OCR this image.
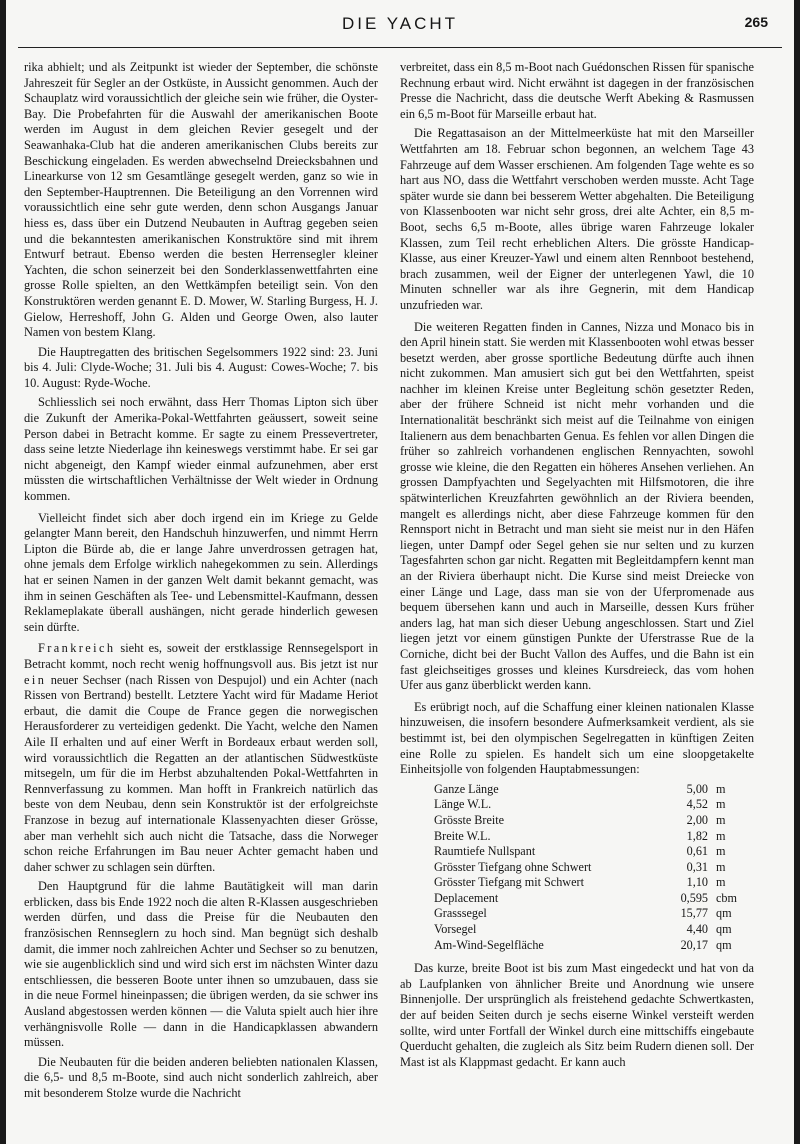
DIE YACHT	265

rika abhielt; und als Zeitpunkt ist wieder der September, die schönste Jahreszeit für Segler an der Ostküste, in Aussicht genommen. Auch der Schauplatz wird voraussichtlich der gleiche sein wie früher, die Oyster-Bay. Die Probefahrten für die Auswahl der amerikanischen Boote werden im August in dem gleichen Revier gesegelt und der Seawanhaka-Club hat die anderen amerikanischen Clubs bereits zur Beschickung eingeladen. Es werden abwechselnd Dreiecksbahnen und Linearkurse von 12 sm Gesamtlänge gesegelt werden, ganz so wie in den September-Hauptrennen. Die Beteiligung an den Vorrennen wird voraussichtlich eine sehr gute werden, denn schon Ausgangs Januar hiess es, dass über ein Dutzend Neubauten in Auftrag gegeben seien und die bekanntesten amerikanischen Konstruktöre sind mit ihrem Entwurf betraut. Ebenso werden die besten Herrensegler kleiner Yachten, die schon seinerzeit bei den Sonderklassenwettfahrten eine grosse Rolle spielten, an den Wettkämpfen beteiligt sein. Von den Konstruktören werden genannt E. D. Mower, W. Starling Burgess, H. J. Gielow, Herreshoff, John G. Alden und George Owen, also lauter Namen von bestem Klang.

Die Hauptregatten des britischen Segelsommers 1922 sind: 23. Juni bis 4. Juli: Clyde-Woche; 31. Juli bis 4. August: Cowes-Woche; 7. bis 10. August: Ryde-Woche.

Schliesslich sei noch erwähnt, dass Herr Thomas Lipton sich über die Zukunft der Amerika-Pokal-Wettfahrten geäussert, soweit seine Person dabei in Betracht komme. Er sagte zu einem Pressevertreter, dass seine letzte Niederlage ihn keineswegs verstimmt habe. Er sei gar nicht abgeneigt, den Kampf wieder einmal aufzunehmen, aber erst müssten die wirtschaftlichen Verhältnisse der Welt wieder in Ordnung kommen.

Vielleicht findet sich aber doch irgend ein im Kriege zu Gelde gelangter Mann bereit, den Handschuh hinzuwerfen, und nimmt Herrn Lipton die Bürde ab, die er lange Jahre unverdrossen getragen hat, ohne jemals dem Erfolge wirklich nahegekommen zu sein. Allerdings hat er seinen Namen in der ganzen Welt damit bekannt gemacht, was ihm in seinen Geschäften als Tee- und Lebensmittel-Kaufmann, dessen Reklameplakate überall aushängen, nicht gerade hinderlich gewesen sein dürfte.

Frankreich sieht es, soweit der erstklassige Rennsegelsport in Betracht kommt, noch recht wenig hoffnungsvoll aus. Bis jetzt ist nur ein neuer Sechser (nach Rissen von Despujol) und ein Achter (nach Rissen von Bertrand) bestellt. Letztere Yacht wird für Madame Heriot erbaut, die damit die Coupe de France gegen die norwegischen Herausforderer zu verteidigen gedenkt. Die Yacht, welche den Namen Aile II erhalten und auf einer Werft in Bordeaux erbaut werden soll, wird voraussichtlich die Regatten an der atlantischen Südwestküste mitsegeln, um für die im Herbst abzuhaltenden Pokal-Wettfahrten in Rennverfassung zu kommen. Man hofft in Frankreich natürlich das beste von dem Neubau, denn sein Konstruktör ist der erfolgreichste Franzose in bezug auf internationale Klassenyachten dieser Grösse, aber man verhehlt sich auch nicht die Tatsache, dass die Norweger schon reiche Erfahrungen im Bau neuer Achter gemacht haben und daher schwer zu schlagen sein dürften.

Den Hauptgrund für die lahme Bautätigkeit will man darin erblicken, dass bis Ende 1922 noch die alten R-Klassen ausgeschrieben werden dürfen, und dass die Preise für die Neubauten den französischen Rennseglern zu hoch sind. Man begnügt sich deshalb damit, die immer noch zahlreichen Achter und Sechser so zu benutzen, wie sie augenblicklich sind und wird sich erst im nächsten Winter dazu entschliessen, die besseren Boote unter ihnen so umzubauen, dass sie in die neue Formel hineinpassen; die übrigen werden, da sie schwer ins Ausland abgestossen werden können — die Valuta spielt auch hier ihre verhängnisvolle Rolle — dann in die Handicapklassen abwandern müssen.

Die Neubauten für die beiden anderen beliebten nationalen Klassen, die 6,5- und 8,5 m-Boote, sind auch nicht sonderlich zahlreich, aber mit besonderem Stolze wurde die Nachricht

verbreitet, dass ein 8,5 m-Boot nach Guédonschen Rissen für spanische Rechnung erbaut wird. Nicht erwähnt ist dagegen in der französischen Presse die Nachricht, dass die deutsche Werft Abeking & Rasmussen ein 6,5 m-Boot für Marseille erbaut hat.

Die Regattasaison an der Mittelmeerküste hat mit den Marseiller Wettfahrten am 18. Februar schon begonnen, an welchem Tage 43 Fahrzeuge auf dem Wasser erschienen. Am folgenden Tage wehte es so hart aus NO, dass die Wettfahrt verschoben werden musste. Acht Tage später wurde sie dann bei besserem Wetter abgehalten. Die Beteiligung von Klassenbooten war nicht sehr gross, drei alte Achter, ein 8,5 m-Boot, sechs 6,5 m-Boote, alles übrige waren Fahrzeuge lokaler Klassen, zum Teil recht erheblichen Alters. Die grösste Handicap-Klasse, aus einer Kreuzer-Yawl und einem alten Rennboot bestehend, brach zusammen, weil der Eigner der unterlegenen Yawl, die 10 Minuten schneller war als ihre Gegnerin, mit dem Handicap unzufrieden war.

Die weiteren Regatten finden in Cannes, Nizza und Monaco bis in den April hinein statt. Sie werden mit Klassenbooten wohl etwas besser besetzt werden, aber grosse sportliche Bedeutung dürfte auch ihnen nicht zukommen. Man amusiert sich gut bei den Wettfahrten, speist nachher im kleinen Kreise unter Begleitung schön gesetzter Reden, aber der frühere Schneid ist nicht mehr vorhanden und die Internationalität beschränkt sich meist auf die Teilnahme von einigen Italienern aus dem benachbarten Genua. Es fehlen vor allen Dingen die früher so zahlreich vorhandenen englischen Rennyachten, sowohl grosse wie kleine, die den Regatten ein höheres Ansehen verliehen. An grossen Dampfyachten und Segelyachten mit Hilfsmotoren, die ihre spätwinterlichen Kreuzfahrten gewöhnlich an der Riviera beenden, mangelt es allerdings nicht, aber diese Fahrzeuge kommen für den Rennsport nicht in Betracht und man sieht sie meist nur in den Häfen liegen, unter Dampf oder Segel gehen sie nur selten und zu kurzen Tagesfahrten schon gar nicht. Regatten mit Begleitdampfern kennt man an der Riviera überhaupt nicht. Die Kurse sind meist Dreiecke von einer Länge und Lage, dass man sie von der Uferpromenade aus bequem übersehen kann und auch in Marseille, dessen Kurs früher anders lag, hat man sich dieser Uebung angeschlossen. Start und Ziel liegen jetzt vor einem günstigen Punkte der Uferstrasse Rue de la Corniche, dicht bei der Bucht Vallon des Auffes, und die Bahn ist ein fast gleichseitiges grosses und kleines Kursdreieck, das vom hohen Ufer aus ganz überblickt werden kann.

Es erübrigt noch, auf die Schaffung einer kleinen nationalen Klasse hinzuweisen, die insofern besondere Aufmerksamkeit verdient, als sie bestimmt ist, bei den olympischen Segelregatten in künftigen Zeiten eine Rolle zu spielen. Es handelt sich um eine sloopgetakelte Einheitsjolle von folgenden Hauptabmessungen:

Ganze Länge	5,00	m
Länge W.L.	4,52	m
Grösste Breite	2,00	m
Breite W.L.	1,82	m
Raumtiefe Nullspant	0,61	m
Grösster Tiefgang ohne Schwert	0,31	m
Grösster Tiefgang mit Schwert	1,10	m
Deplacement	0,595	cbm
Grasssegel	15,77	qm
Vorsegel	4,40	qm
Am-Wind-Segelfläche	20,17	qm

Das kurze, breite Boot ist bis zum Mast eingedeckt und hat von da ab Laufplanken von ähnlicher Breite und Anordnung wie unsere Binnenjolle. Der ursprünglich als freistehend gedachte Schwertkasten, der auf beiden Seiten durch je sechs eiserne Winkel versteift werden sollte, wird unter Fortfall der Winkel durch eine mittschiffs eingebaute Querducht gehalten, die zugleich als Sitz beim Rudern dienen soll. Der Mast ist als Klappmast gedacht. Er kann auch
